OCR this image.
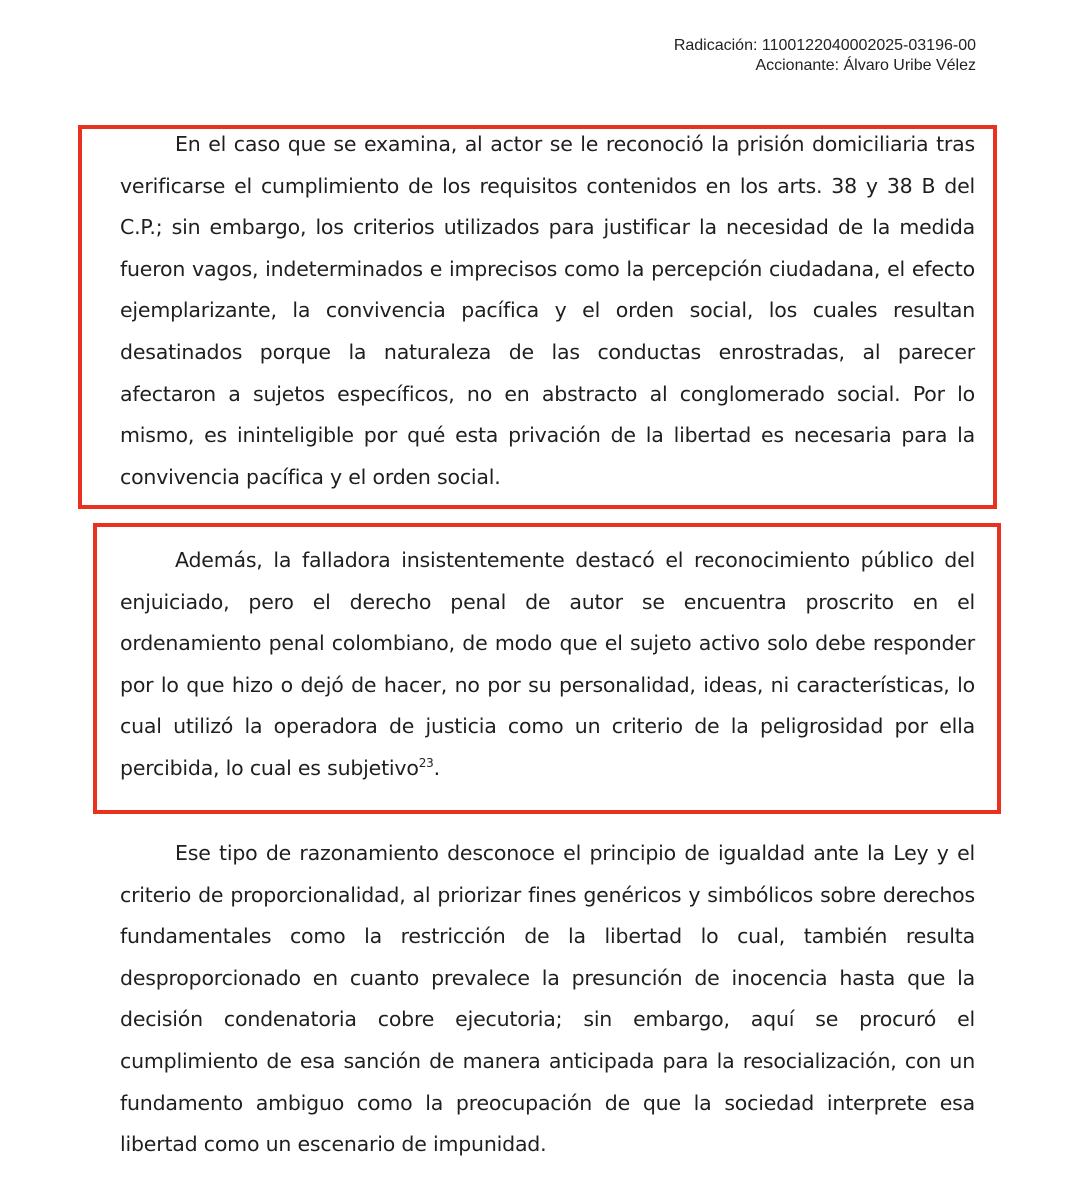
Radicación: 1100122040002025-03196-00
Accionante: Álvaro Uribe Vélez

En el caso que se examina, al actor se le reconoció la prisión domiciliaria tras verificarse el cumplimiento de los requisitos contenidos en los arts. 38 y 38 B del C.P.; sin embargo, los criterios utilizados para justificar la necesidad de la medida fueron vagos, indeterminados e imprecisos como la percepción ciudadana, el efecto ejemplarizante, la convivencia pacífica y el orden social, los cuales resultan desatinados porque la naturaleza de las conductas enrostradas, al parecer afectaron a sujetos específicos, no en abstracto al conglomerado social. Por lo mismo, es ininteligible por qué esta privación de la libertad es necesaria para la convivencia pacífica y el orden social.

Además, la falladora insistentemente destacó el reconocimiento público del enjuiciado, pero el derecho penal de autor se encuentra proscrito en el ordenamiento penal colombiano, de modo que el sujeto activo solo debe responder por lo que hizo o dejó de hacer, no por su personalidad, ideas, ni características, lo cual utilizó la operadora de justicia como un criterio de la peligrosidad por ella percibida, lo cual es subjetivo$^{23}$.

Ese tipo de razonamiento desconoce el principio de igualdad ante la Ley y el criterio de proporcionalidad, al priorizar fines genéricos y simbólicos sobre derechos fundamentales como la restricción de la libertad lo cual, también resulta desproporcionado en cuanto prevalece la presunción de inocencia hasta que la decisión condenatoria cobre ejecutoria; sin embargo, aquí se procuró el cumplimiento de esa sanción de manera anticipada para la resocialización, con un fundamento ambiguo como la preocupación de que la sociedad interprete esa libertad como un escenario de impunidad.
